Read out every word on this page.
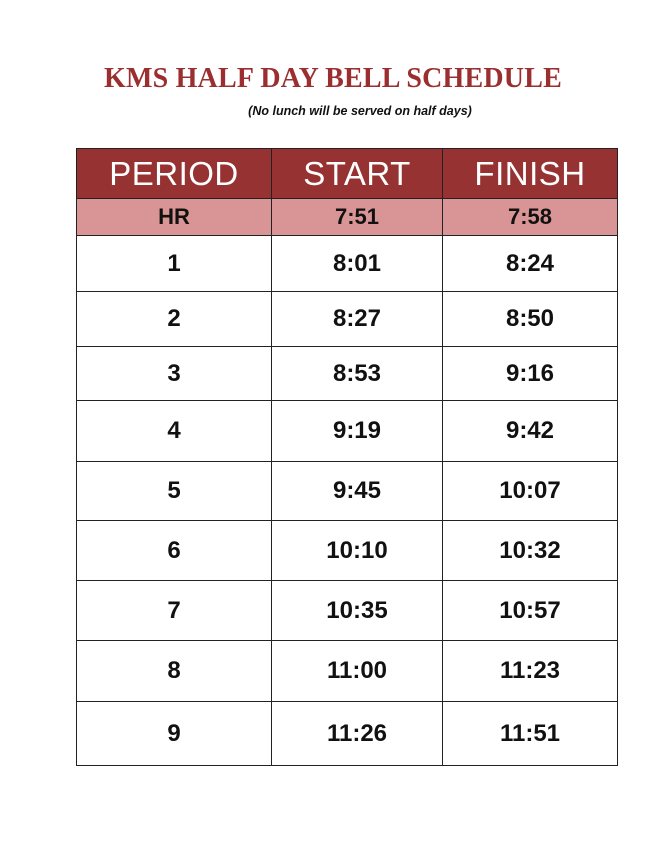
KMS HALF DAY BELL SCHEDULE

(No lunch will be served on half days)

PERIOD	START	FINISH
HR	7:51	7:58
1	8:01	8:24
2	8:27	8:50
3	8:53	9:16
4	9:19	9:42
5	9:45	10:07
6	10:10	10:32
7	10:35	10:57
8	11:00	11:23
9	11:26	11:51
